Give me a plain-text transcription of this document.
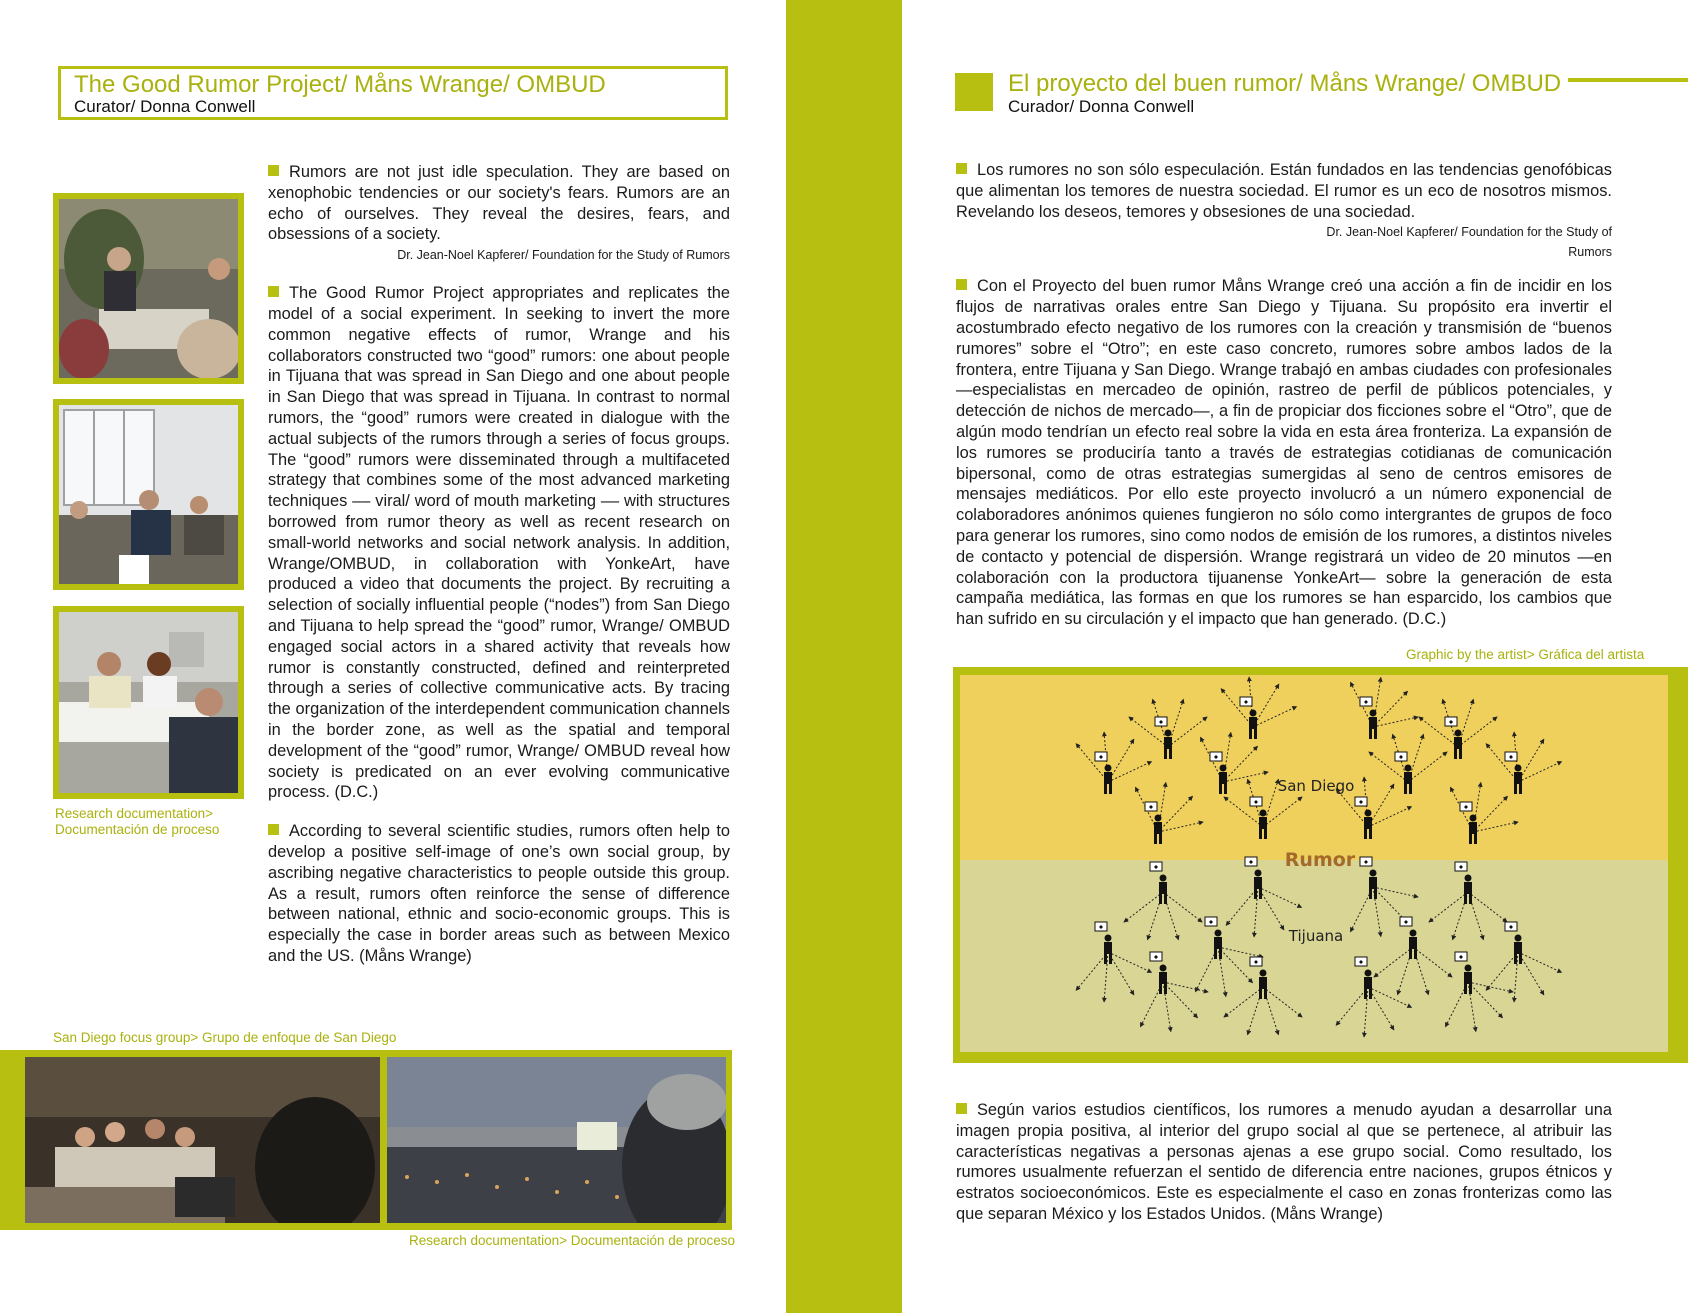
The Good Rumor Project/ Måns Wrange/ OMBUD
Curator/ Donna Conwell
Research documentation>
Documentación de proceso

Rumors are not just idle speculation. They are based on xenophobic tendencies or our society's fears. Rumors are an echo of ourselves. They reveal the desires, fears, and obsessions of a society.

Dr. Jean-Noel Kapferer/ Foundation for the Study of Rumors

The Good Rumor Project appropriates and replicates the model of a social experiment. In seeking to invert the more common negative effects of rumor, Wrange and his collaborators constructed two “good” rumors: one about people in Tijuana that was spread in San Diego and one about people in San Diego that was spread in Tijuana. In contrast to normal rumors, the “good” rumors were created in dialogue with the actual subjects of the rumors through a series of focus groups. The “good” rumors were disseminated through a multifaceted strategy that combines some of the most advanced marketing techniques –– viral/ word of mouth marketing –– with structures borrowed from rumor theory as well as recent research on small-world networks and social network analysis. In addition, Wrange/OMBUD, in collaboration with YonkeArt, have produced a video that documents the project. By recruiting a selection of socially influential people (“nodes”) from San Diego and Tijuana to help spread the “good” rumor, Wrange/ OMBUD engaged social actors in a shared activity that reveals how rumor is constantly constructed, defined and reinterpreted through a series of collective communicative acts. By tracing the organization of the interdependent communication channels in the border zone, as well as the spatial and temporal development of the “good” rumor, Wrange/ OMBUD reveal how society is predicated on an ever evolving communicative process. (D.C.)

According to several scientific studies, rumors often help to develop a positive self-image of one’s own social group, by ascribing negative characteristics to people outside this group. As a result, rumors often reinforce the sense of difference between national, ethnic and socio-economic groups. This is especially the case in border areas such as between Mexico and the US. (Måns Wrange)

San Diego focus group> Grupo de enfoque de San Diego
Research documentation> Documentación de proceso
El proyecto del buen rumor/ Måns Wrange/ OMBUD
Curador/ Donna Conwell

Los rumores no son sólo especulación. Están fundados en las tendencias genofóbicas que alimentan los temores de nuestra sociedad. El rumor es un eco de nosotros mismos. Revelando los deseos, temores y obsesiones de una sociedad.

Dr. Jean-Noel Kapferer/ Foundation for the Study of

Rumors

Con el Proyecto del buen rumor Måns Wrange creó una acción a fin de incidir en los flujos de narrativas orales entre San Diego y Tijuana. Su propósito era invertir el acostumbrado efecto negativo de los rumores con la creación y transmisión de “buenos rumores” sobre el “Otro”; en este caso concreto, rumores sobre ambos lados de la frontera, entre Tijuana y San Diego. Wrange trabajó en ambas ciudades con profesionales —especialistas en mercadeo de opinión, rastreo de perfil de públicos potenciales, y detección de nichos de mercado—, a fin de propiciar dos ficciones sobre el “Otro”, que de algún modo tendrían un efecto real sobre la vida en esta área fronteriza. La expansión de los rumores se produciría tanto a través de estrategias cotidianas de comunicación bipersonal, como de otras estrategias sumergidas al seno de centros emisores de mensajes mediáticos. Por ello este proyecto involucró a un número exponencial de colaboradores anónimos quienes fungieron no sólo como intergrantes de grupos de foco para generar los rumores, sino como nodos de emisión de los rumores, a distintos niveles de contacto y potencial de dispersión. Wrange registrará un video de 20 minutos —en colaboración con la productora tijuanense YonkeArt— sobre la generación de esta campaña mediática, las formas en que los rumores se han esparcido, los cambios que han sufrido en su circulación y el impacto que han generado. (D.C.)

Graphic by the artist> Gráfica del artista
San Diego
Rumor
Tijuana

Según varios estudios científicos, los rumores a menudo ayudan a desarrollar una imagen propia positiva, al interior del grupo social al que se pertenece, al atribuir las características negativas a personas ajenas a ese grupo social. Como resultado, los rumores usualmente refuerzan el sentido de diferencia entre naciones, grupos étnicos y estratos socioeconómicos. Este es especialmente el caso en zonas fronterizas como las que separan México y los Estados Unidos. (Måns Wrange)
